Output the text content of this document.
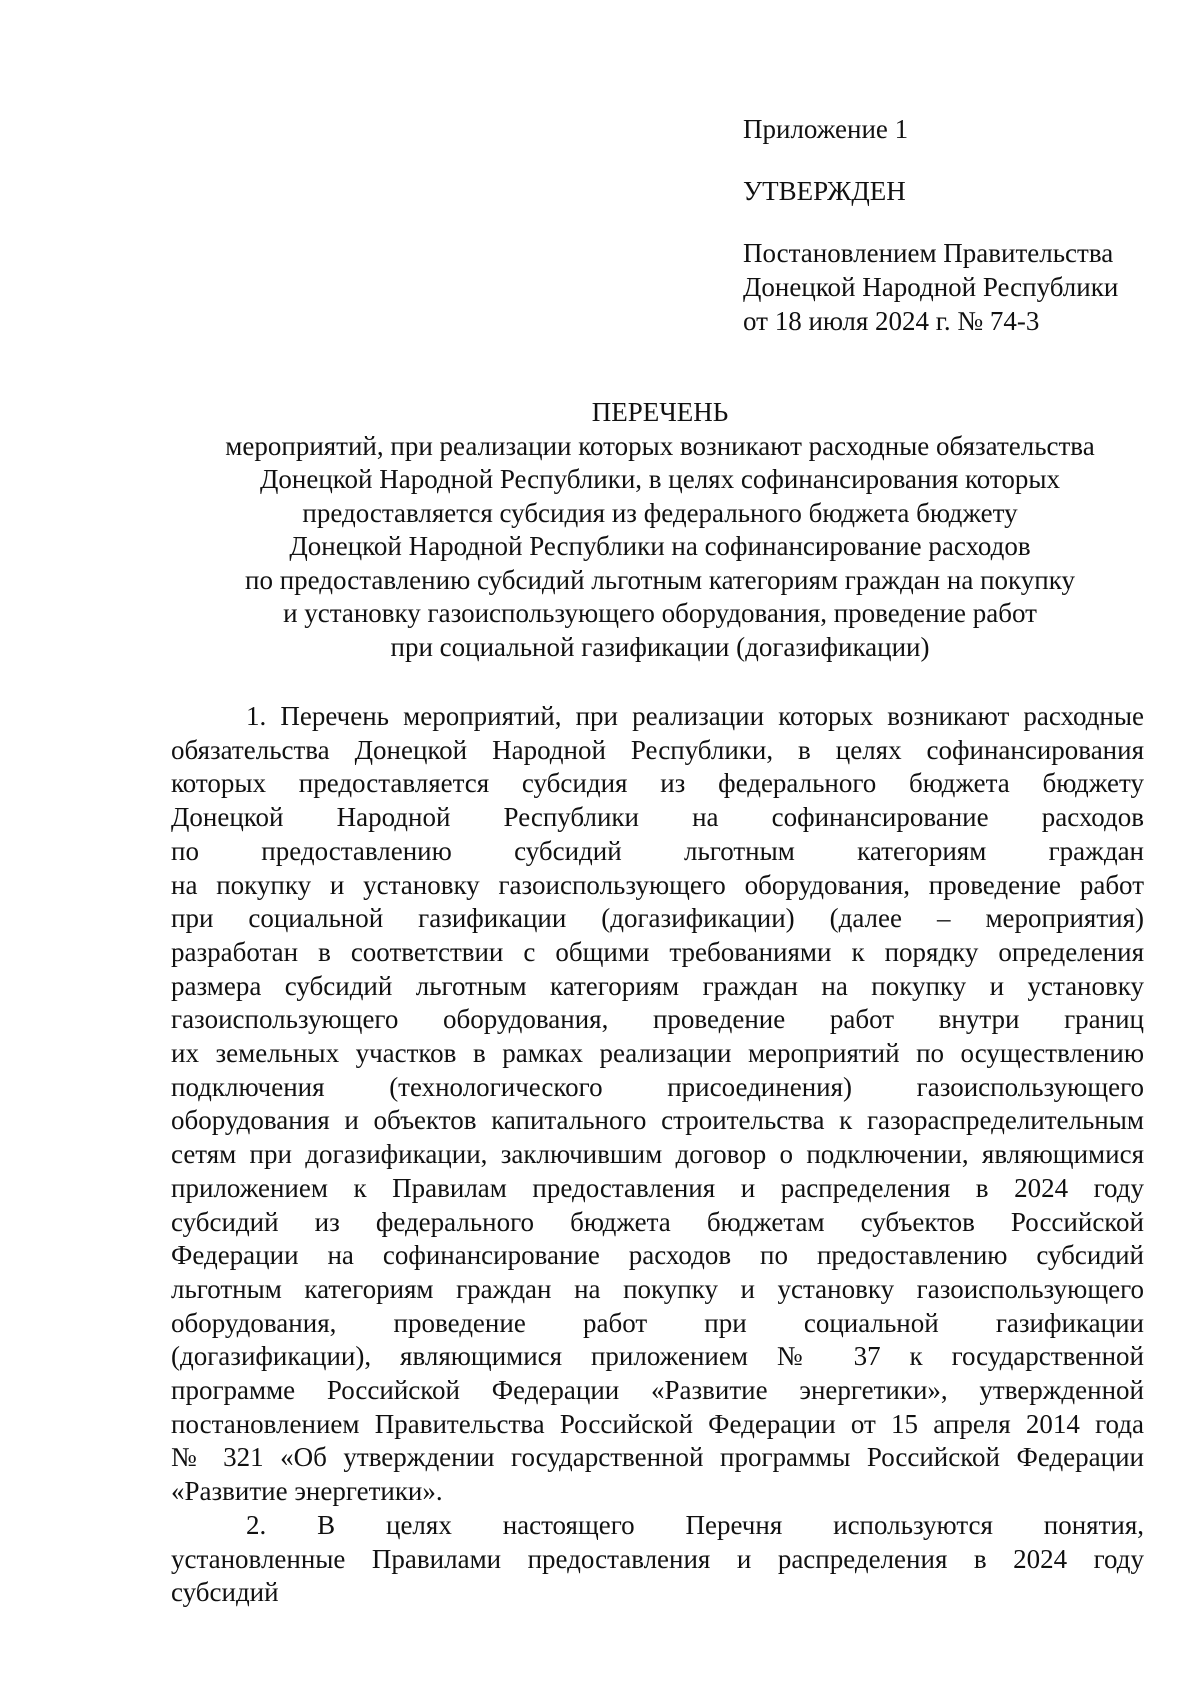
Приложение 1
УТВЕРЖДЕН
Постановлением Правительства
Донецкой Народной Республики
от 18 июля 2024 г. № 74-3
ПЕРЕЧЕНЬ
мероприятий, при реализации которых возникают расходные обязательства
Донецкой Народной Республики, в целях софинансирования которых
предоставляется субсидия из федерального бюджета бюджету
Донецкой Народной Республики на софинансирование расходов
по предоставлению субсидий льготным категориям граждан на покупку
и установку газоиспользующего оборудования, проведение работ
при социальной газификации (догазификации)
1. Перечень мероприятий, при реализации которых возникают расходные
обязательства Донецкой Народной Республики, в целях софинансирования
которых предоставляется субсидия из федерального бюджета бюджету
Донецкой Народной Республики на софинансирование расходов
по предоставлению субсидий льготным категориям граждан
на покупку и установку газоиспользующего оборудования, проведение работ
при социальной газификации (догазификации) (далее – мероприятия)
разработан в соответствии с общими требованиями к порядку определения
размера субсидий льготным категориям граждан на покупку и установку
газоиспользующего оборудования, проведение работ внутри границ
их земельных участков в рамках реализации мероприятий по осуществлению
подключения (технологического присоединения) газоиспользующего
оборудования и объектов капитального строительства к газораспределительным
сетям при догазификации, заключившим договор о подключении, являющимися
приложением к Правилам предоставления и распределения в 2024 году
субсидий из федерального бюджета бюджетам субъектов Российской
Федерации на софинансирование расходов по предоставлению субсидий
льготным категориям граждан на покупку и установку газоиспользующего
оборудования, проведение работ при социальной газификации
(догазификации), являющимися приложением № 37 к государственной
программе Российской Федерации «Развитие энергетики», утвержденной
постановлением Правительства Российской Федерации от 15 апреля 2014 года
№ 321 «Об утверждении государственной программы Российской Федерации
«Развитие энергетики».
2. В целях настоящего Перечня используются понятия,
установленные Правилами предоставления и распределения в 2024 году
субсидий
